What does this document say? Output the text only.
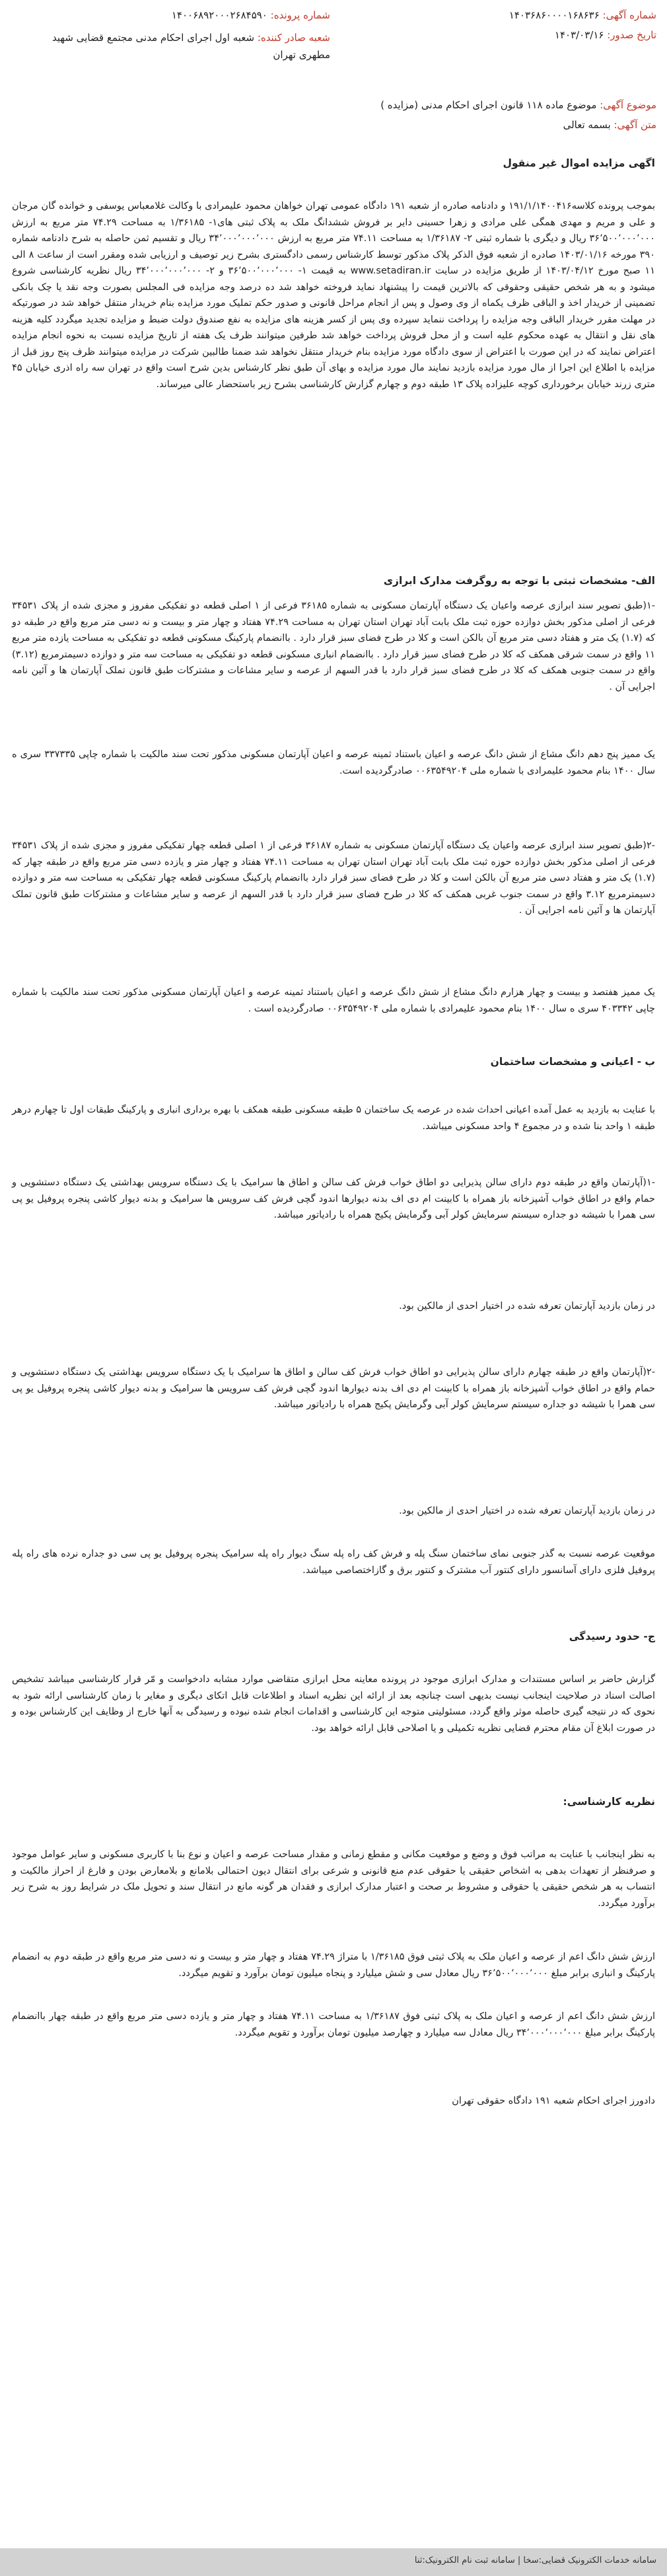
شماره آگهی: ۱۴۰۳۶۸۶۰۰۰۰۱۶۸۶۳۶
شماره پرونده: ۱۴۰۰۶۸۹۲۰۰۰۲۶۸۴۵۹۰
تاریخ صدور: ۱۴۰۳/۰۳/۱۶
شعبه صادر کننده: شعبه اول اجرای احکام مدنی مجتمع قضایی شهید مطهری تهران
موضوع آگهی: موضوع ماده ۱۱۸ قانون اجرای احکام مدنی (مزایده )
متن آگهی: بسمه تعالی
اگهی مزایده اموال غیر منقول

بموجب پرونده کلاسه۱۹۱/۱/۱۴۰۰۴۱۶ و دادنامه صادره از شعبه ۱۹۱ دادگاه عمومی تهران خواهان محمود علیمرادی با وکالت غلامعباس یوسفی و خوانده گان مرجان و علی و مریم و مهدی همگی علی مرادی و زهرا حسینی دایر بر فروش ششدانگ ملک به پلاک ثبتی های۱- ۱/۳۶۱۸۵ به مساحت ۷۴.۲۹ متر مربع به ارزش ۳۶٬۵۰۰٬۰۰۰٬۰۰۰ ریال و دیگری با شماره ثبتی ۲- ۱/۳۶۱۸۷ به مساحت ۷۴.۱۱ متر مربع به ارزش ۳۴٬۰۰۰٬۰۰۰٬۰۰۰ ریال و تقسیم ثمن حاصله به شرح دادنامه شماره ۳۹۰ مورخه ۱۴۰۳/۰۱/۱۶ صادره از شعبه فوق الذکر پلاک مذکور توسط کارشناس رسمی دادگستری بشرح زیر توصیف و ارزیابی شده ومقرر است از ساعت ۸ الی ۱۱ صبح مورخ ۱۴۰۳/۰۴/۱۲ از طریق مزایده در سایت www.setadiran.ir به قیمت ۱- ۳۶٬۵۰۰٬۰۰۰٬۰۰۰ و ۲- ۳۴٬۰۰۰٬۰۰۰٬۰۰۰ ریال نظریه کارشناسی شروع میشود و به هر شخص حقیقی وحقوقی که بالاترین قیمت را پیشنهاد نماید فروخته خواهد شد ده درصد وجه مزایده فی المجلس بصورت وجه نقد یا چک بانکی تضمینی از خریدار اخذ و الباقی ظرف یکماه از وی وصول و پس از انجام مراحل قانونی و صدور حکم تملیک مورد مزایده بنام خریدار منتقل خواهد شد در صورتیکه در مهلت مقرر خریدار الباقی وجه مزایده را پرداخت ننماید سپرده وی پس از کسر هزینه های مزایده به نفع صندوق دولت ضبط و مزایده تجدید میگردد کلیه هزینه های نقل و انتقال به عهده محکوم علیه است و از محل فروش پرداخت خواهد شد طرفین میتوانند ظرف یک هفته از تاریخ مزایده نسبت به نحوه انجام مزایده اعتراض نمایند که در این صورت با اعتراض از سوی دادگاه مورد مزایده بنام خریدار منتقل نخواهد شد ضمنا طالبین شرکت در مزایده میتوانند ظرف پنج روز قبل از مزایده با اطلاع این اجرا از مال مورد مزایده بازدید نمایند مال مورد مزایده و بهای آن طبق نظر کارشناس بدین شرح است واقع در تهران سه راه اذری خیابان ۴۵ متری زرند خیابان برخورداری کوچه علیزاده پلاک ۱۳ طبقه دوم و چهارم گزارش کارشناسی بشرح زیر باستحضار عالی میرساند.

الف- مشخصات ثبتی با توجه به روگرفت مدارک ابرازی

-۱(طبق تصویر سند ابرازی عرصه واعیان یک دستگاه آپارتمان مسکونی به شماره ۳۶۱۸۵ فرعی از ۱ اصلی قطعه دو تفکیکی مفروز و مجزی شده از پلاک ۳۴۵۳۱ فرعی از اصلی مذکور بخش دوازده حوزه ثبت ملک بابت آباد تهران استان تهران به مساحت ۷۴.۲۹ هفتاد و چهار متر و بیست و نه دسی متر مربع واقع در طبقه دو که (۱.۷) یک متر و هفتاد دسی متر مربع آن بالکن است و کلا در طرح فضای سبز قرار دارد . باانضمام پارکینگ مسکونی قطعه دو تفکیکی به مساحت یازده متر مربع ۱۱ واقع در سمت شرقی همکف که کلا در طرح فضای سبز قرار دارد . باانضمام انباری مسکونی قطعه دو تفکیکی به مساحت سه متر و دوازده دسیمترمربع (۳.۱۲) واقع در سمت جنوبی همکف که کلا در طرح فضای سبز قرار دارد با قدر السهم از عرصه و سایر مشاعات و مشترکات طبق قانون تملک آپارتمان ها و آئین نامه اجرایی آن .

یک ممیز پنج دهم دانگ مشاع از شش دانگ عرصه و اعیان باستناد ثمینه عرصه و اعیان آپارتمان مسکونی مذکور تحت سند مالکیت با شماره چاپی ۳۳۷۳۳۵ سری ه سال ۱۴۰۰ بنام محمود علیمرادی با شماره ملی ۰۰۶۳۵۴۹۲۰۴ صادرگردیده است.

-۲(طبق تصویر سند ابرازی عرصه واعیان یک دستگاه آپارتمان مسکونی به شماره ۳۶۱۸۷ فرعی از ۱ اصلی قطعه چهار تفکیکی مفروز و مجزی شده از پلاک ۳۴۵۳۱ فرعی از اصلی مذکور بخش دوازده حوزه ثبت ملک بابت آباد تهران استان تهران به مساحت ۷۴.۱۱ هفتاد و چهار متر و یازده دسی متر مربع واقع در طبقه چهار که (۱.۷) یک متر و هفتاد دسی متر مربع آن بالکن است و کلا در طرح فضای سبز قرار دارد باانضمام پارکینگ مسکونی قطعه چهار تفکیکی به مساحت سه متر و دوازده دسیمترمربع ۳.۱۲ واقع در سمت جنوب غربی همکف که کلا در طرح فضای سبز قرار دارد با قدر السهم از عرصه و سایر مشاعات و مشترکات طبق قانون تملک آپارتمان ها و آئین نامه اجرایی آن .

یک ممیز هفتصد و بیست و چهار هزارم دانگ مشاع از شش دانگ عرصه و اعیان باستناد ثمینه عرصه و اعیان آپارتمان مسکونی مذکور تحت سند مالکیت با شماره چاپی ۴۰۳۳۴۲ سری ه سال ۱۴۰۰ بنام محمود علیمرادی با شماره ملی ۰۰۶۳۵۴۹۲۰۴ صادرگردیده است .

ب - اعیانی و مشخصات ساختمان

با عنایت به بازدید به عمل آمده اعیانی احداث شده در عرصه یک ساختمان ۵ طبقه مسکونی طبقه همکف با بهره برداری انباری و پارکینگ طبقات اول تا چهارم درهر طبقه ۱ واحد بنا شده و در مجموع ۴ واحد مسکونی میباشد.

-۱(آپارتمان واقع در طبقه دوم دارای سالن پذیرایی دو اطاق خواب فرش کف سالن و اطاق ها سرامیک با یک دستگاه سرویس بهداشتی یک دستگاه دستشویی و حمام واقع در اطاق خواب آشپزخانه باز همراه با کابینت ام دی اف بدنه دیوارها اندود گچی فرش کف سرویس ها سرامیک و بدنه دیوار کاشی پنجره پروفیل یو پی سی همرا با شیشه دو جداره سیستم سرمایش کولر آبی وگرمایش پکیج همراه با رادیاتور میباشد.

در زمان بازدید آپارتمان تعرفه شده در اختیار احدی از مالکین بود.

-۲(آپارتمان واقع در طبقه چهارم دارای سالن پذیرایی دو اطاق خواب فرش کف سالن و اطاق ها سرامیک با یک دستگاه سرویس بهداشتی یک دستگاه دستشویی و حمام واقع در اطاق خواب آشپزخانه باز همراه با کابینت ام دی اف بدنه دیوارها اندود گچی فرش کف سرویس ها سرامیک و بدنه دیوار کاشی پنجره پروفیل یو پی سی همرا با شیشه دو جداره سیستم سرمایش کولر آبی وگرمایش پکیج همراه با رادیاتور میباشد.

در زمان بازدید آپارتمان تعرفه شده در اختیار احدی از مالکین بود.

موقعیت عرصه نسبت به گذر جنوبی نمای ساختمان سنگ پله و فرش کف راه پله سنگ دیوار راه پله سرامیک پنجره پروفیل یو پی سی دو جداره نرده های راه پله پروفیل فلزی دارای آسانسور دارای کنتور آب مشترک و کنتور برق و گازاختصاصی میباشد.

ج- حدود رسیدگی

گزارش حاضر بر اساس مستندات و مدارک ابرازی موجود در پرونده معاینه محل ابرازی متقاضی موارد مشابه دادخواست و مّر قرار کارشناسی میباشد تشخیص اصالت اسناد در صلاحیت اینجانب نیست بدیهی است چنانچه بعد از ارائه این نظریه اسناد و اطلاعات قابل اتکای دیگری و مغایر با زمان کارشناسی ارائه شود به نحوی که در نتیجه گیری حاصله موثر واقع گردد، مسئولیتی متوجه این کارشناسی و اقدامات انجام شده نبوده و رسیدگی به آنها خارج از وظایف این کارشناس بوده و در صورت ابلاغ آن مقام محترم قضایی نظریه تکمیلی و یا اصلاحی قابل ارائه خواهد بود.

نظریه کارشناسی:

به نظر اینجانب با عنایت به مراتب فوق و وضع و موقعیت مکانی و مقطع زمانی و مقدار مساحت عرصه و اعیان و نوع بنا با کاربری مسکونی و سایر عوامل موجود و صرفنظر از تعهدات بدهی به اشخاص حقیقی یا حقوقی عدم منع قانونی و شرعی برای انتقال دیون احتمالی بلامانع و بلامعارض بودن و فارغ از احراز مالکیت و انتساب به هر شخص حقیقی یا حقوقی و مشروط بر صحت و اعتبار مدارک ابرازی و فقدان هر گونه مانع در انتقال سند و تحویل ملک در شرایط روز به شرح زیر برآورد میگردد.

ارزش شش دانگ اعم از عرصه و اعیان ملک به پلاک ثبتی فوق ۱/۳۶۱۸۵ با متراژ ۷۴.۲۹ هفتاد و چهار متر و بیست و نه دسی متر مربع واقع در طبقه دوم به انضمام پارکینگ و انباری برابر مبلغ ۳۶٬۵۰۰٬۰۰۰٬۰۰۰ ریال معادل سی و شش میلیارد و پنجاه میلیون تومان برآورد و تقویم میگردد.

ارزش شش دانگ اعم از عرصه و اعیان ملک به پلاک ثبتی فوق ۱/۳۶۱۸۷ به مساحت ۷۴.۱۱ هفتاد و چهار متر و یازده دسی متر مربع واقع در طبقه چهار باانضمام پارکینگ برابر مبلغ ۳۴٬۰۰۰٬۰۰۰٬۰۰۰ ریال معادل سه میلیارد و چهارصد میلیون تومان برآورد و تقویم میگردد.

دادورز اجرای احکام شعبه ۱۹۱ دادگاه حقوقی تهران

سامانه خدمات الکترونیک قضایی:سخا | سامانه ثبت نام الکترونیک:ثنا
